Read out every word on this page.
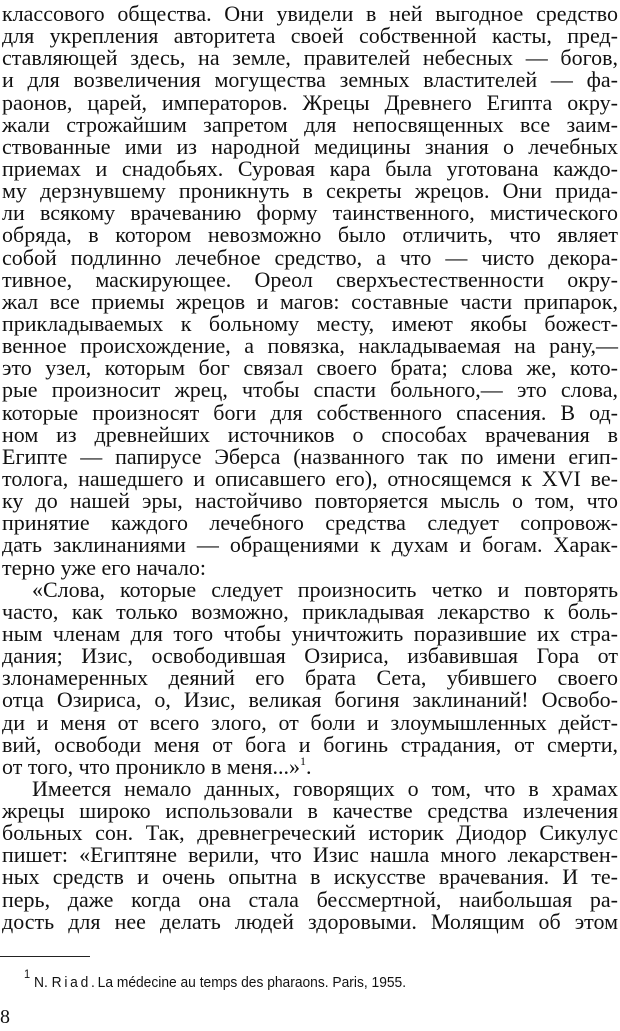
классового общества. Они увидели в ней выгодное средство
для укрепления авторитета своей собственной касты, пред-
ставляющей здесь, на земле, правителей небесных — богов,
и для возвеличения могущества земных властителей — фа-
раонов, царей, императоров. Жрецы Древнего Египта окру-
жали строжайшим запретом для непосвященных все заим-
ствованные ими из народной медицины знания о лечебных
приемах и снадобьях. Суровая кара была уготована каждо-
му дерзнувшему проникнуть в секреты жрецов. Они прида-
ли всякому врачеванию форму таинственного, мистического
обряда, в котором невозможно было отличить, что являет
собой подлинно лечебное средство, а что — чисто декора-
тивное, маскирующее. Ореол сверхъестественности окру-
жал все приемы жрецов и магов: составные части припарок,
прикладываемых к больному месту, имеют якобы божест-
венное происхождение, а повязка, накладываемая на рану,—
это узел, которым бог связал своего брата; слова же, кото-
рые произносит жрец, чтобы спасти больного,— это слова,
которые произносят боги для собственного спасения. В од-
ном из древнейших источников о способах врачевания в
Египте — папирусе Эберса (названного так по имени егип-
толога, нашедшего и описавшего его), относящемся к XVI ве-
ку до нашей эры, настойчиво повторяется мысль о том, что
принятие каждого лечебного средства следует сопровож-
дать заклинаниями — обращениями к духам и богам. Харак-
терно уже его начало:
«Слова, которые следует произносить четко и повторять
часто, как только возможно, прикладывая лекарство к боль-
ным членам для того чтобы уничтожить поразившие их стра-
дания; Изис, освободившая Озириса, избавившая Гора от
злонамеренных деяний его брата Сета, убившего своего
отца Озириса, о, Изис, великая богиня заклинаний! Освобо-
ди и меня от всего злого, от боли и злоумышленных дейст-
вий, освободи меня от бога и богинь страдания, от смерти,
от того, что проникло в меня...»$^1$.
Имеется немало данных, говорящих о том, что в храмах
жрецы широко использовали в качестве средства излечения
больных сон. Так, древнегреческий историк Диодор Сикулус
пишет: «Египтяне верили, что Изис нашла много лекарствен-
ных средств и очень опытна в искусстве врачевания. И те-
перь, даже когда она стала бессмертной, наибольшая ра-
дость для нее делать людей здоровыми. Молящим об этом
$^1$ N. Riad.La médecine au temps des pharaons. Paris, 1955.
8
